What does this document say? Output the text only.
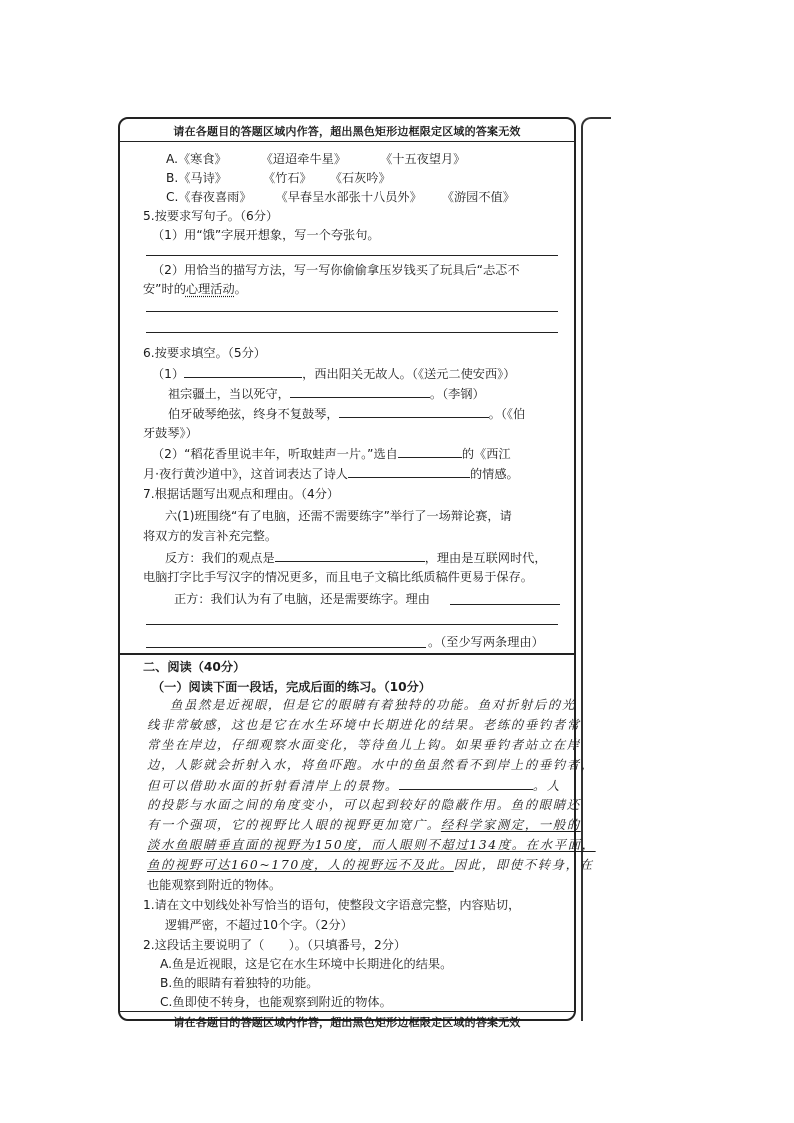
请在各题目的答题区域内作答，超出黑色矩形边框限定区域的答案无效
A.《寒食》	《迢迢牵牛星》	《十五夜望月》
B.《马诗》	《竹石》 《石灰吟》
C.《春夜喜雨》 《早春呈水部张十八员外》 《游园不值》
5.按要求写句子。（6分）
（1）用“饿”字展开想象，写一个夸张句。
（2）用恰当的描写方法，写一写你偷偷拿压岁钱买了玩具后“忐忑不
安”时的心理活动。
6.按要求填空。（5分）
（1）	，西出阳关无故人。（《送元二使安西》）
祖宗疆土，当以死守，	。（李钢）
伯牙破琴绝弦，终身不复鼓琴，	。（《伯
牙鼓琴》）
（2）“稻花香里说丰年，听取蛙声一片。”选自	的《西江
月·夜行黄沙道中》，这首词表达了诗人	的情感。
7.根据话题写出观点和理由。（4分）
六(1)班围绕“有了电脑，还需不需要练字”举行了一场辩论赛，请
将双方的发言补充完整。
反方：我们的观点是	，理由是互联网时代，
电脑打字比手写汉字的情况更多，而且电子文稿比纸质稿件更易于保存。
正方：我们认为有了电脑，还是需要练字。理由
。（至少写两条理由）
二、阅读（40分）
（一）阅读下面一段话，完成后面的练习。（10分）
鱼虽然是近视眼，但是它的眼睛有着独特的功能。鱼对折射后的光
线非常敏感，这也是它在水生环境中长期进化的结果。老练的垂钓者常
常坐在岸边，仔细观察水面变化，等待鱼儿上钩。如果垂钓者站立在岸
边，人影就会折射入水，将鱼吓跑。水中的鱼虽然看不到岸上的垂钓者，
但可以借助水面的折射看清岸上的景物。	。人
的投影与水面之间的角度变小，可以起到较好的隐蔽作用。鱼的眼睛还
有一个强项，它的视野比人眼的视野更加宽广。经科学家测定，一般的
淡水鱼眼睛垂直面的视野为150度，而人眼则不超过134度。在水平面，
鱼的视野可达160~170度，人的视野远不及此。因此，即使不转身，在
也能观察到附近的物体。
1.请在文中划线处补写恰当的语句，使整段文字语意完整，内容贴切，
逻辑严密，不超过10个字。（2分）
2.这段话主要说明了（　　）。（只填番号，2分）
A.鱼是近视眼，这是它在水生环境中长期进化的结果。
B.鱼的眼睛有着独特的功能。
C.鱼即使不转身，也能观察到附近的物体。
请在各题目的答题区域内作答，超出黑色矩形边框限定区域的答案无效
